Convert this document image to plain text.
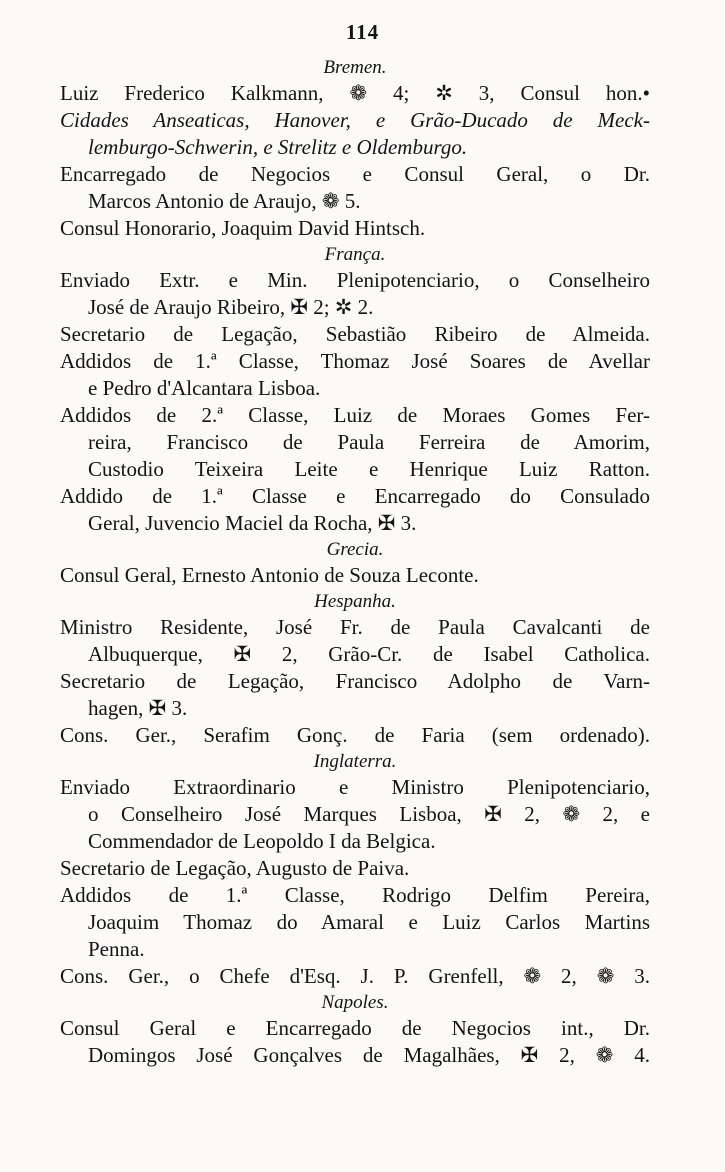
114
Bremen.
Luiz Frederico Kalkmann, ❁ 4; ✲ 3, Consul hon.•
Cidades Anseaticas, Hanover, e Grão-Ducado de Meck-
lemburgo-Schwerin, e Strelitz e Oldemburgo.
Encarregado de Negocios e Consul Geral, o Dr.
Marcos Antonio de Araujo, ❁ 5.
Consul Honorario, Joaquim David Hintsch.
França.
Enviado Extr. e Min. Plenipotenciario, o Conselheiro
José de Araujo Ribeiro, ✠ 2; ✲ 2.
Secretario de Legação, Sebastião Ribeiro de Almeida.
Addidos de 1.ª Classe, Thomaz José Soares de Avellar
e Pedro d'Alcantara Lisboa.
Addidos de 2.ª Classe, Luiz de Moraes Gomes Fer-
reira, Francisco de Paula Ferreira de Amorim,
Custodio Teixeira Leite e Henrique Luiz Ratton.
Addido de 1.ª Classe e Encarregado do Consulado
Geral, Juvencio Maciel da Rocha, ✠ 3.
Grecia.
Consul Geral, Ernesto Antonio de Souza Leconte.
Hespanha.
Ministro Residente, José Fr. de Paula Cavalcanti de
Albuquerque, ✠ 2, Grão-Cr. de Isabel Catholica.
Secretario de Legação, Francisco Adolpho de Varn-
hagen, ✠ 3.
Cons. Ger., Serafim Gonç. de Faria (sem ordenado).
Inglaterra.
Enviado Extraordinario e Ministro Plenipotenciario,
o Conselheiro José Marques Lisboa, ✠ 2, ❁ 2, e
Commendador de Leopoldo I da Belgica.
Secretario de Legação, Augusto de Paiva.
Addidos de 1.ª Classe, Rodrigo Delfim Pereira,
Joaquim Thomaz do Amaral e Luiz Carlos Martins
Penna.
Cons. Ger., o Chefe d'Esq. J. P. Grenfell, ❁ 2, ❁ 3.
Napoles.
Consul Geral e Encarregado de Negocios int., Dr.
Domingos José Gonçalves de Magalhães, ✠ 2, ❁ 4.
